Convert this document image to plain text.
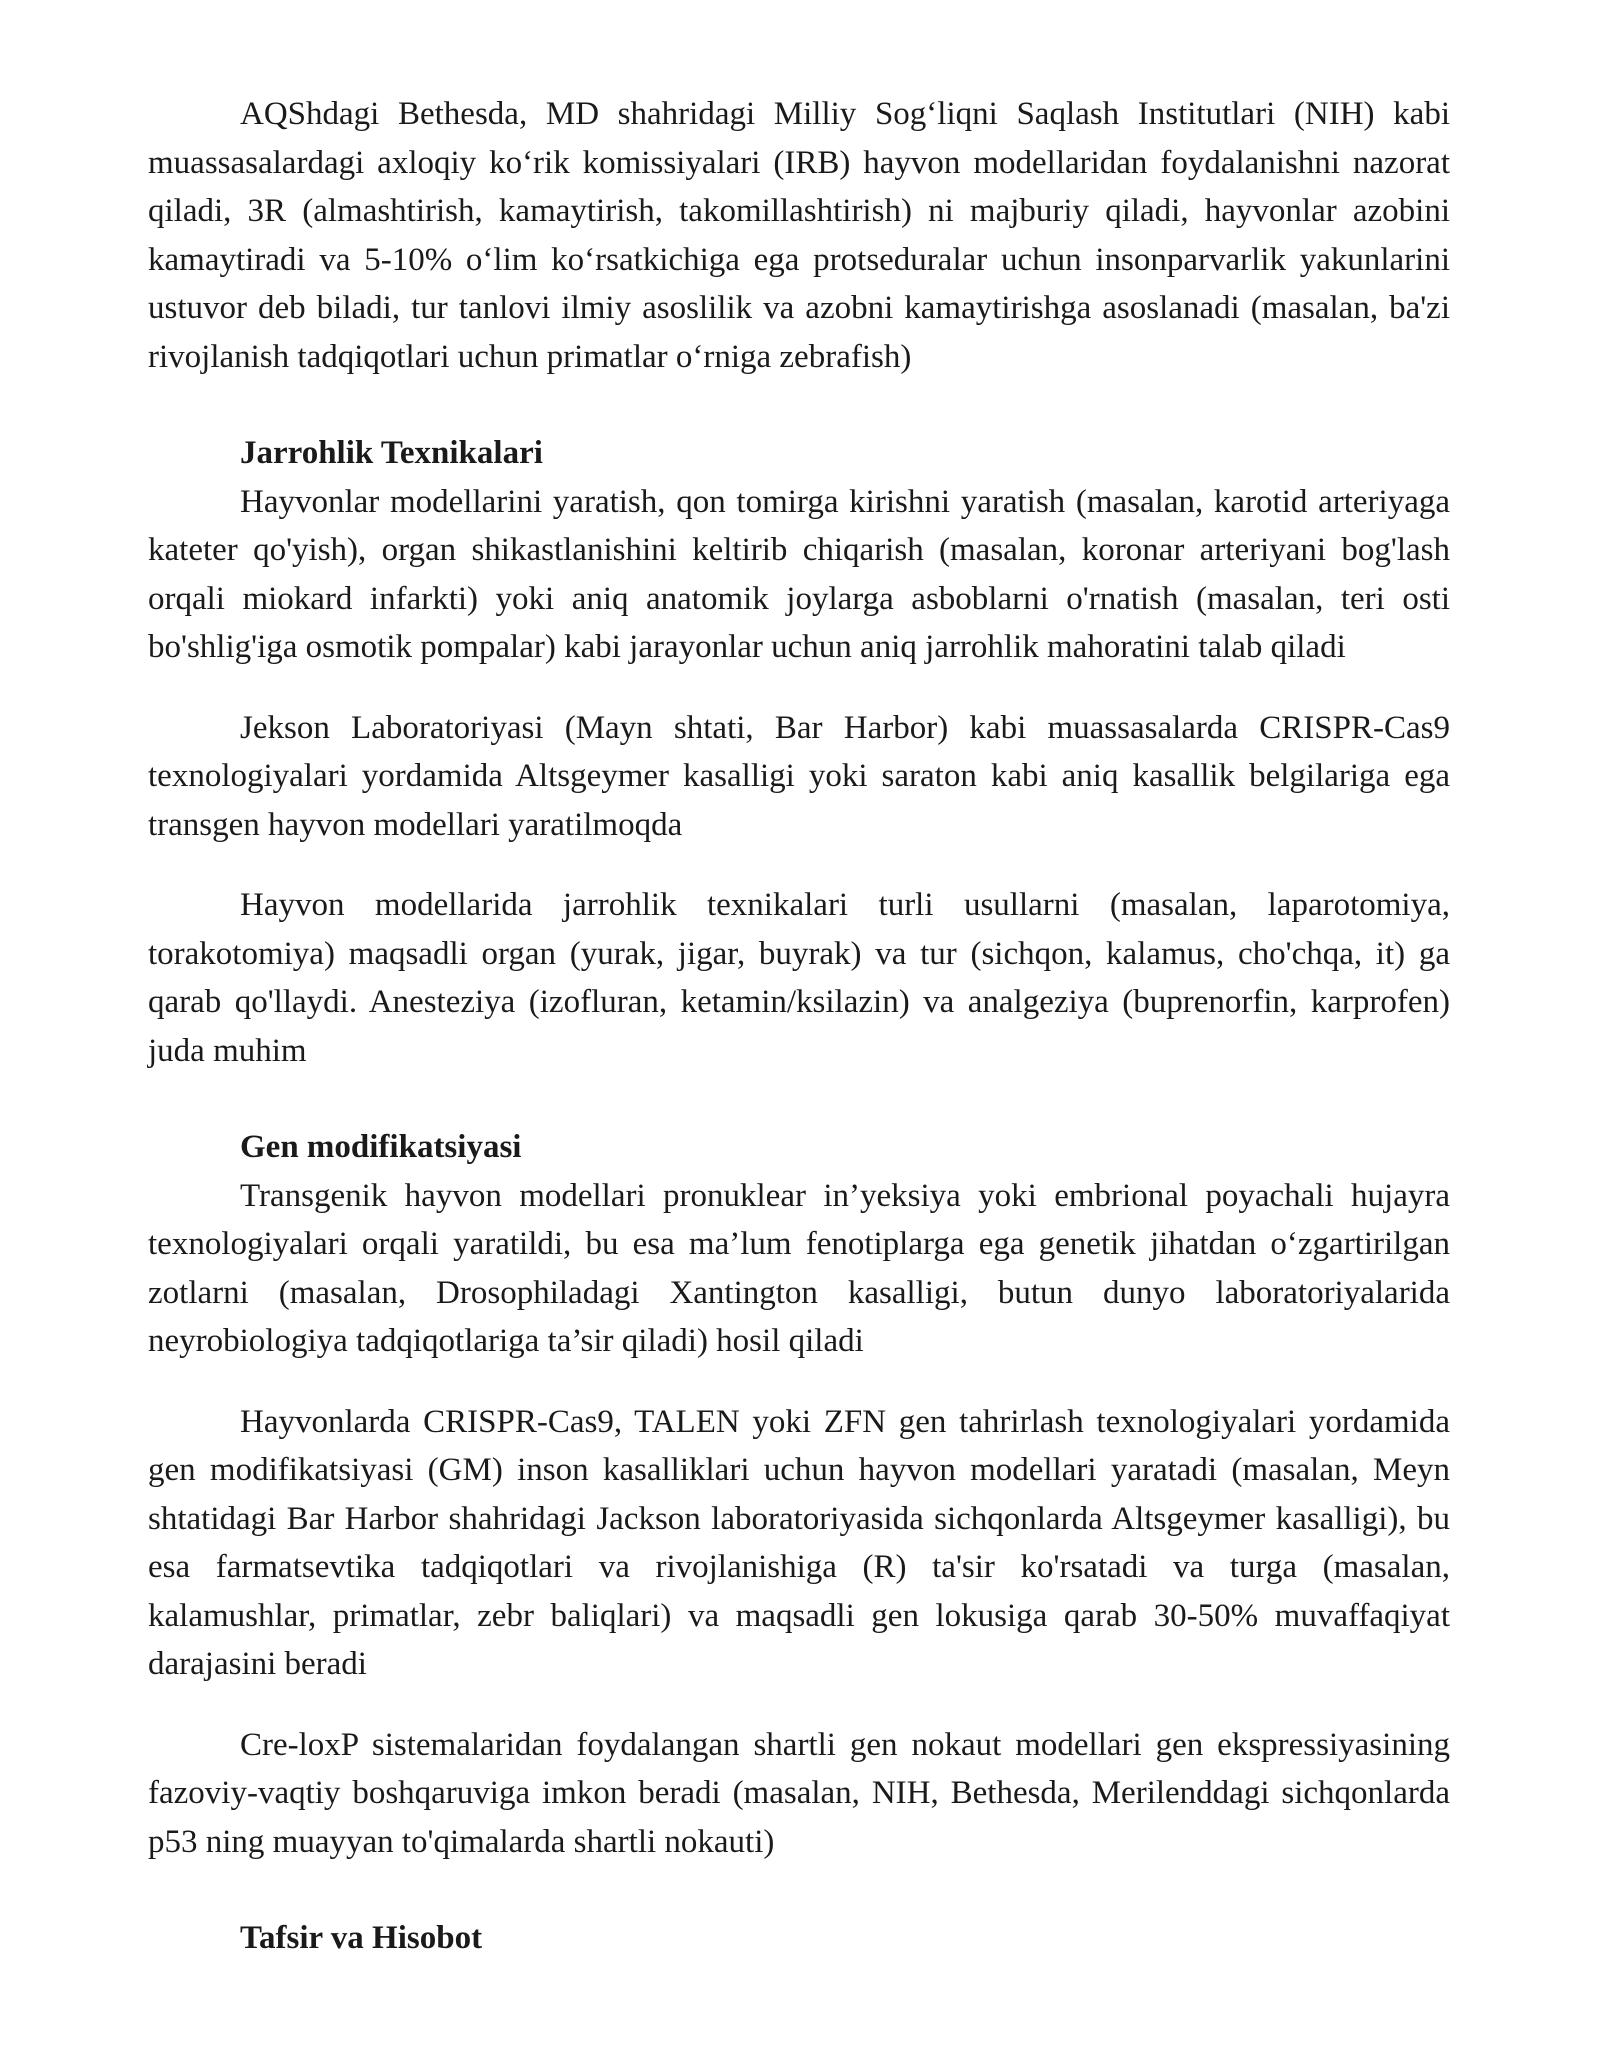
AQShdagi Bethesda, MD shahridagi Milliy Sog‘liqni Saqlash Institutlari (NIH) kabi muassasalardagi axloqiy ko‘rik komissiyalari (IRB) hayvon modellaridan foydalanishni nazorat qiladi, 3R (almashtirish, kamaytirish, takomillashtirish) ni majburiy qiladi, hayvonlar azobini kamaytiradi va 5-10% o‘lim ko‘rsatkichiga ega protseduralar uchun insonparvarlik yakunlarini ustuvor deb biladi, tur tanlovi ilmiy asoslilik va azobni kamaytirishga asoslanadi (masalan, ba'zi rivojlanish tadqiqotlari uchun primatlar o‘rniga zebrafish)

Jarrohlik Texnikalari

Hayvonlar modellarini yaratish, qon tomirga kirishni yaratish (masalan, karotid arteriyaga kateter qo'yish), organ shikastlanishini keltirib chiqarish (masalan, koronar arteriyani bog'lash orqali miokard infarkti) yoki aniq anatomik joylarga asboblarni o'rnatish (masalan, teri osti bo'shlig'iga osmotik pompalar) kabi jarayonlar uchun aniq jarrohlik mahoratini talab qiladi

Jekson Laboratoriyasi (Mayn shtati, Bar Harbor) kabi muassasalarda CRISPR-Cas9 texnologiyalari yordamida Altsgeymer kasalligi yoki saraton kabi aniq kasallik belgilariga ega transgen hayvon modellari yaratilmoqda

Hayvon modellarida jarrohlik texnikalari turli usullarni (masalan, laparotomiya, torakotomiya) maqsadli organ (yurak, jigar, buyrak) va tur (sichqon, kalamus, cho'chqa, it) ga qarab qo'llaydi. Anesteziya (izofluran, ketamin/ksilazin) va analgeziya (buprenorfin, karprofen) juda muhim

Gen modifikatsiyasi

Transgenik hayvon modellari pronuklear in’yeksiya yoki embrional poyachali hujayra texnologiyalari orqali yaratildi, bu esa ma’lum fenotiplarga ega genetik jihatdan o‘zgartirilgan zotlarni (masalan, Drosophiladagi Xantington kasalligi, butun dunyo laboratoriyalarida neyrobiologiya tadqiqotlariga ta’sir qiladi) hosil qiladi

Hayvonlarda CRISPR-Cas9, TALEN yoki ZFN gen tahrirlash texnologiyalari yordamida gen modifikatsiyasi (GM) inson kasalliklari uchun hayvon modellari yaratadi (masalan, Meyn shtatidagi Bar Harbor shahridagi Jackson laboratoriyasida sichqonlarda Altsgeymer kasalligi), bu esa farmatsevtika tadqiqotlari va rivojlanishiga (R) ta'sir ko'rsatadi va turga (masalan, kalamushlar, primatlar, zebr baliqlari) va maqsadli gen lokusiga qarab 30-50% muvaffaqiyat darajasini beradi

Cre-loxP sistemalaridan foydalangan shartli gen nokaut modellari gen ekspressiyasining fazoviy-vaqtiy boshqaruviga imkon beradi (masalan, NIH, Bethesda, Merilenddagi sichqonlarda p53 ning muayyan to'qimalarda shartli nokauti)

Tafsir va Hisobot
